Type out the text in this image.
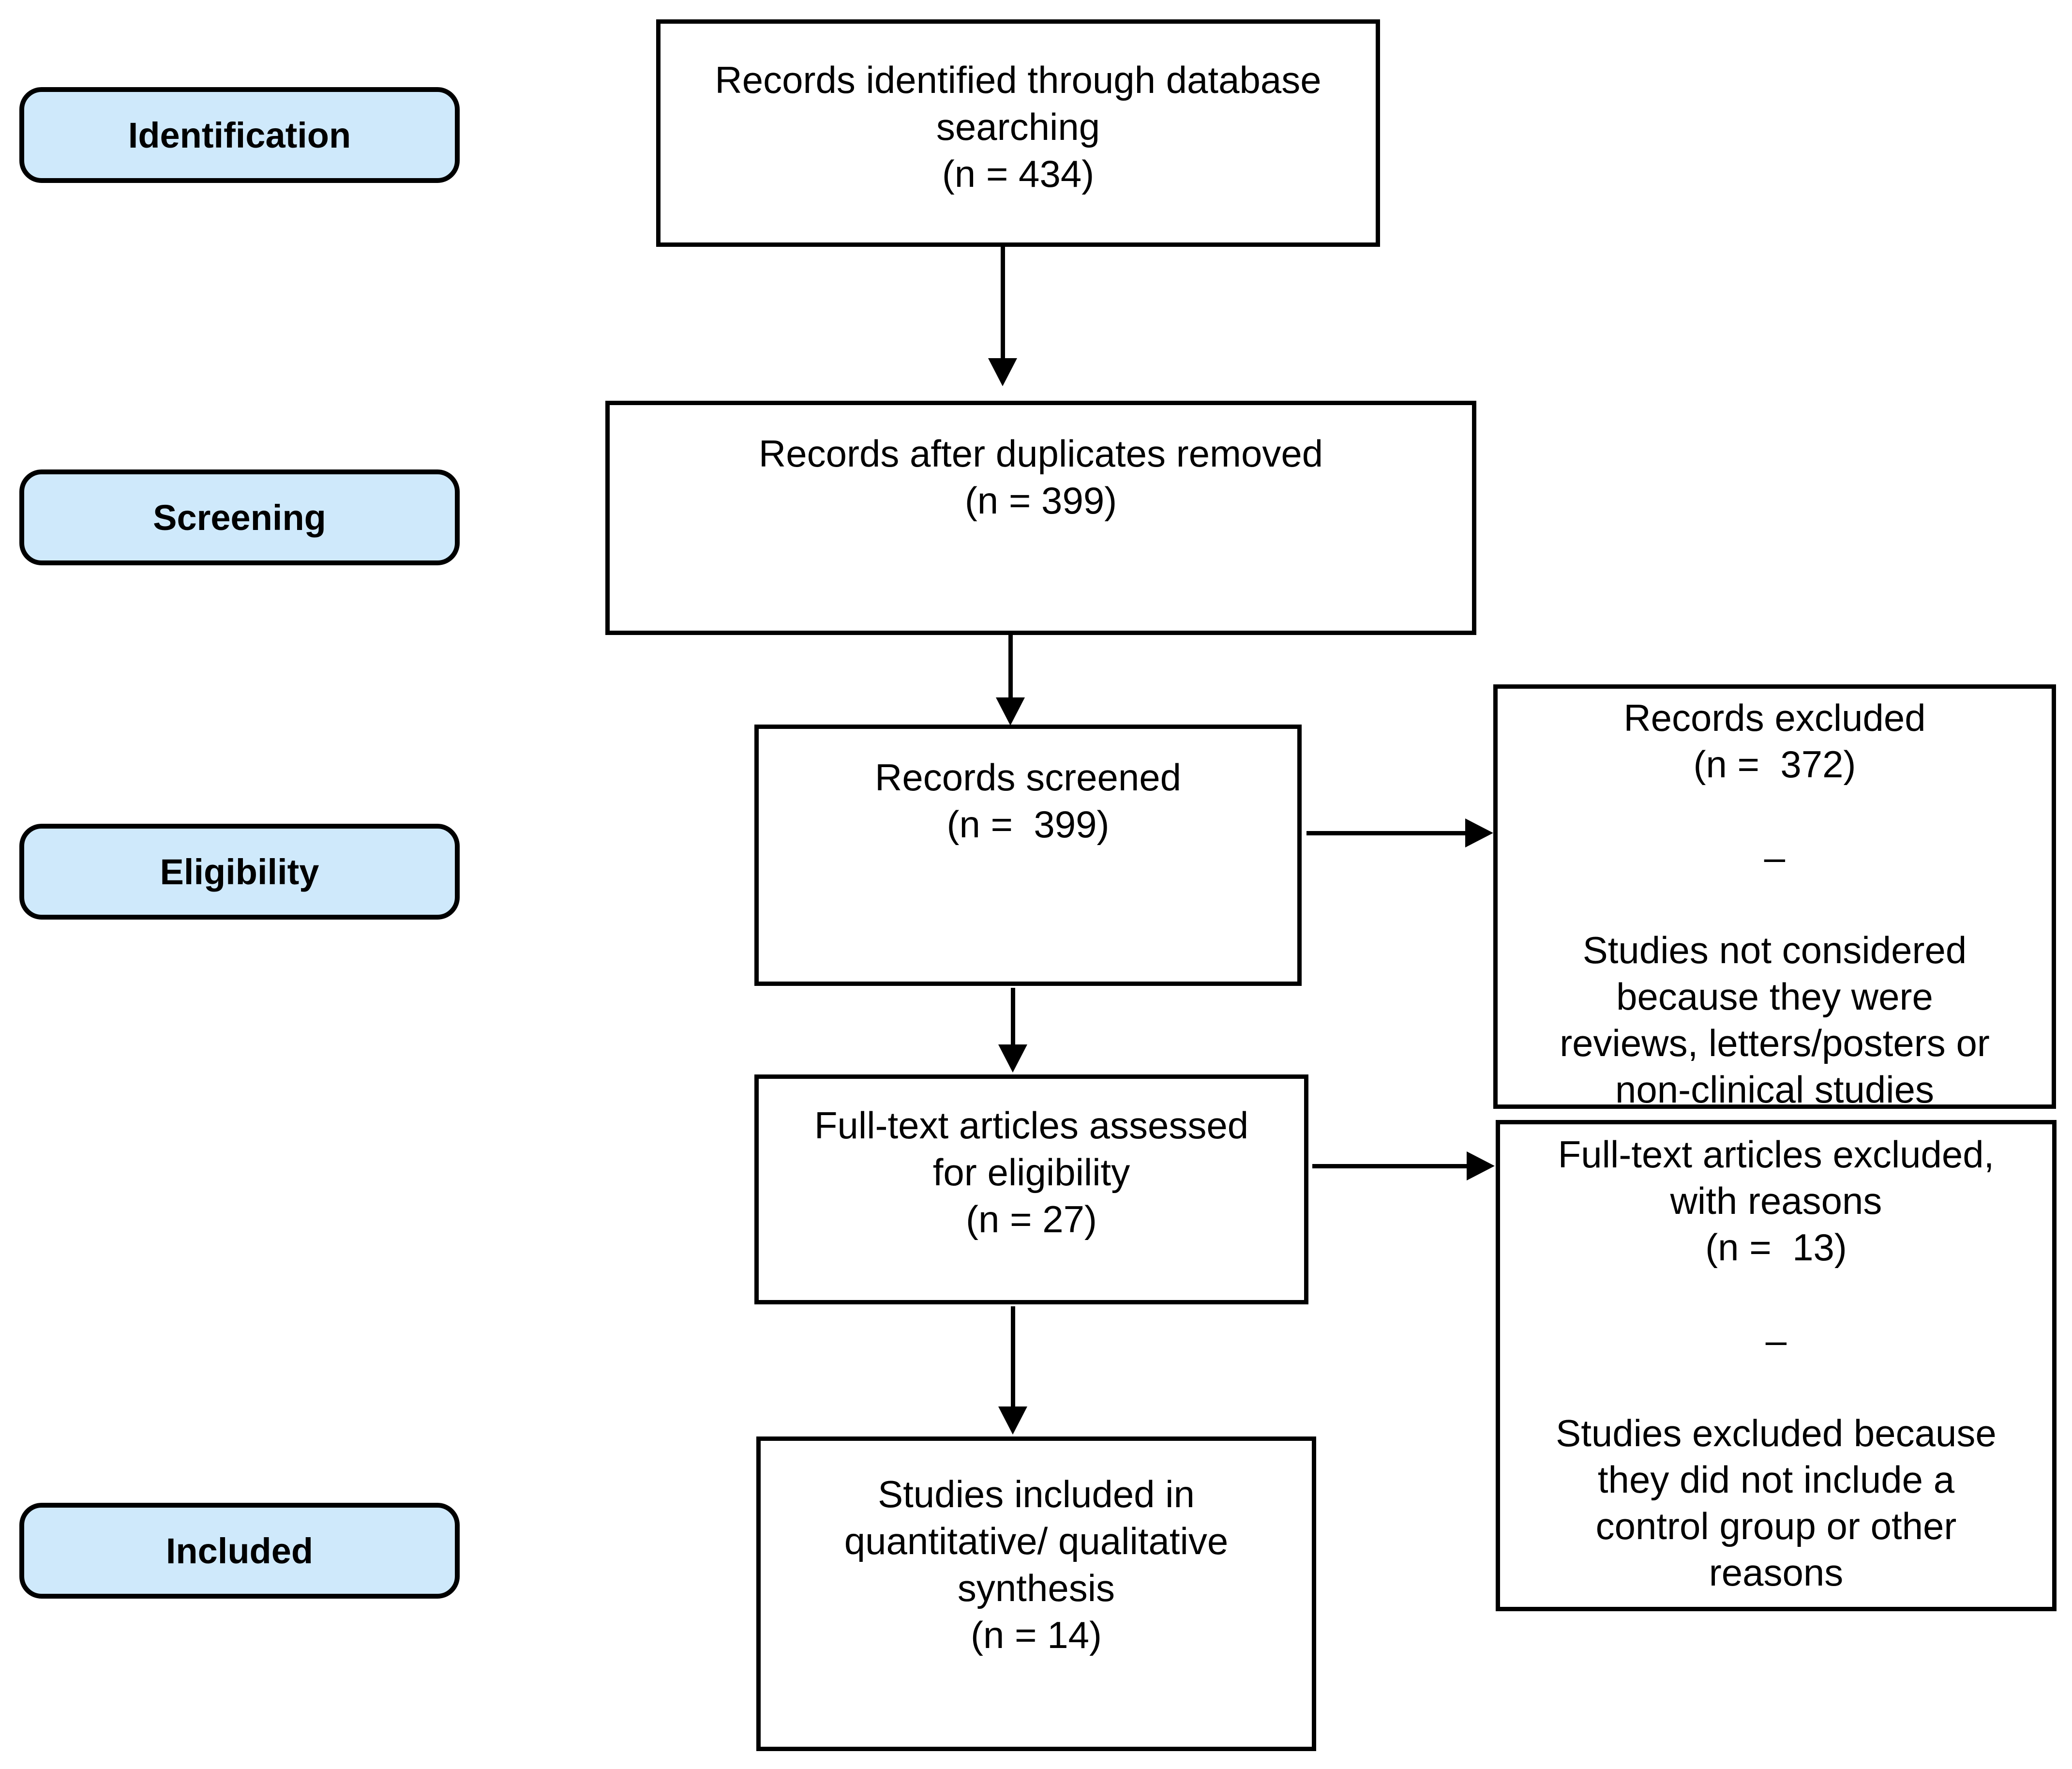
Identification
Screening
Eligibility
Included
Records identified through database
searching
(n = 434)
Records after duplicates removed
(n = 399)
Records screened
(n =  399)
Full-text articles assessed
for eligibility
(n = 27)
Studies included in
quantitative/ qualitative
synthesis
(n = 14)
Records excluded
(n =  372)
–
Studies not considered
because they were
reviews, letters/posters or
non-clinical studies
Full-text articles excluded,
with reasons
(n =  13)
–
Studies excluded because
they did not include a
control group or other
reasons
